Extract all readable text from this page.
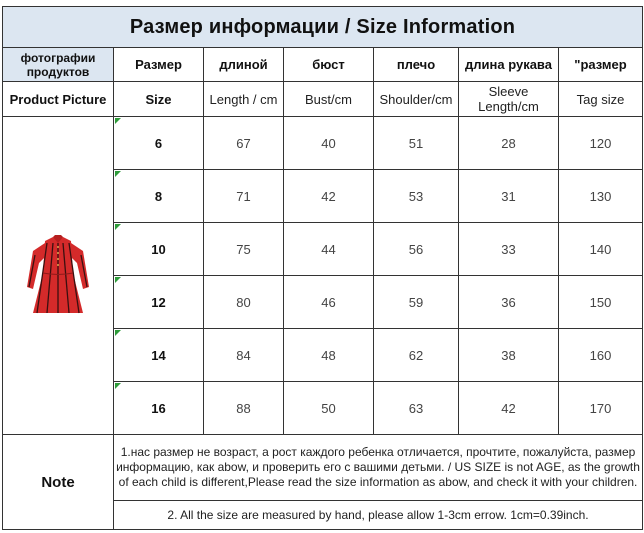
Размер информации / Size Information						
фотографии продуктов	Размер	длиной	бюст	плечо	длина рукава	"размер
Product Picture	Size	Length / cm	Bust/cm	Shoulder/cm	Sleeve Length/cm	Tag size
	6	67	40	51	28	120
	8	71	42	53	31	130
	10	75	44	56	33	140
	12	80	46	59	36	150
	14	84	48	62	38	160
	16	88	50	63	42	170
Note	1.нас размер не возраст, а рост каждого ребенка отличается, прочтите, пожалуйста, размер информацию, как abow, и проверить его с вашими детьми. / US SIZE is not AGE, as the growth of each child is different,Please read the size information as abow, and check it with your children.					
	2. All the size are measured by hand, please allow 1-3cm errow. 1cm=0.39inch.					
